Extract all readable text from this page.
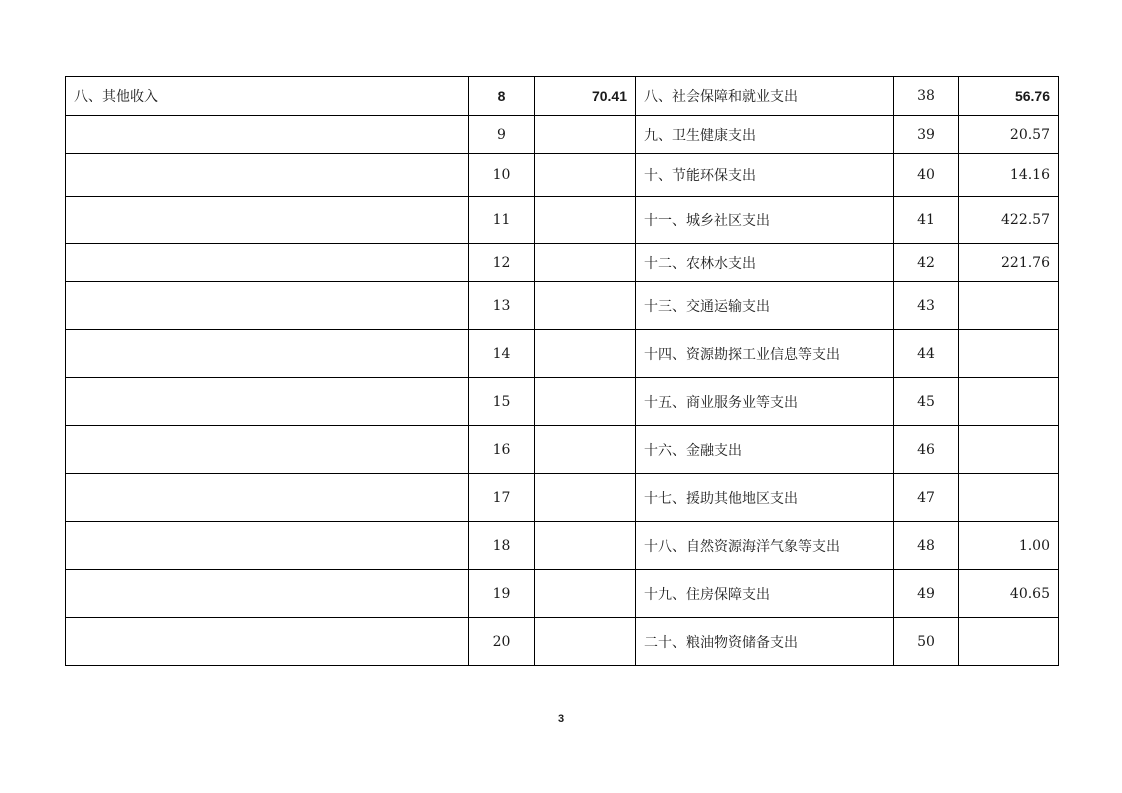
八、其他收入	8	70.41	八、社会保障和就业支出	38	56.76
	9		九、卫生健康支出	39	20.57
	10		十、节能环保支出	40	14.16
	11		十一、城乡社区支出	41	422.57
	12		十二、农林水支出	42	221.76
	13		十三、交通运输支出	43	
	14		十四、资源勘探工业信息等支出	44	
	15		十五、商业服务业等支出	45	
	16		十六、金融支出	46	
	17		十七、援助其他地区支出	47	
	18		十八、自然资源海洋气象等支出	48	1.00
	19		十九、住房保障支出	49	40.65
	20		二十、粮油物资储备支出	50	
3
